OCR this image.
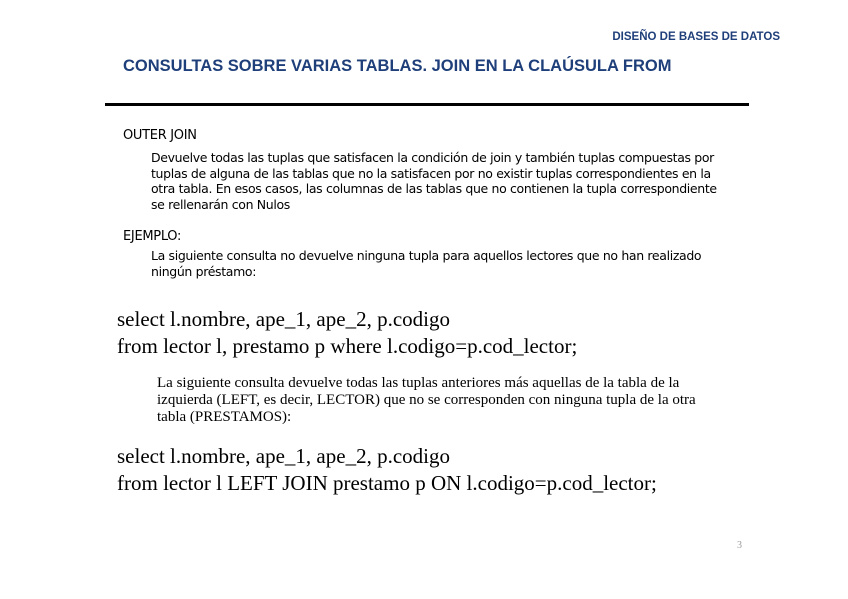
DISEÑO DE BASES DE DATOS
CONSULTAS SOBRE VARIAS TABLAS. JOIN EN LA CLAÚSULA FROM
OUTER JOIN
Devuelve todas las tuplas que satisfacen la condición de join y también tuplas compuestas por tuplas de alguna de las tablas que no la satisfacen por no existir tuplas correspondientes en la otra tabla. En esos casos, las columnas de las tablas que no contienen la tupla correspondiente se rellenarán con Nulos
EJEMPLO:
La siguiente consulta no devuelve ninguna tupla para aquellos lectores que no han realizado ningún préstamo:
select l.nombre, ape_1, ape_2, p.codigo
from lector l, prestamo p where l.codigo=p.cod_lector;
La siguiente consulta devuelve todas las tuplas anteriores más aquellas de la tabla de la izquierda (LEFT, es decir, LECTOR) que no se corresponden con ninguna tupla de la otra tabla (PRESTAMOS):
select l.nombre, ape_1, ape_2, p.codigo
from lector l LEFT JOIN prestamo p ON l.codigo=p.cod_lector;
3
